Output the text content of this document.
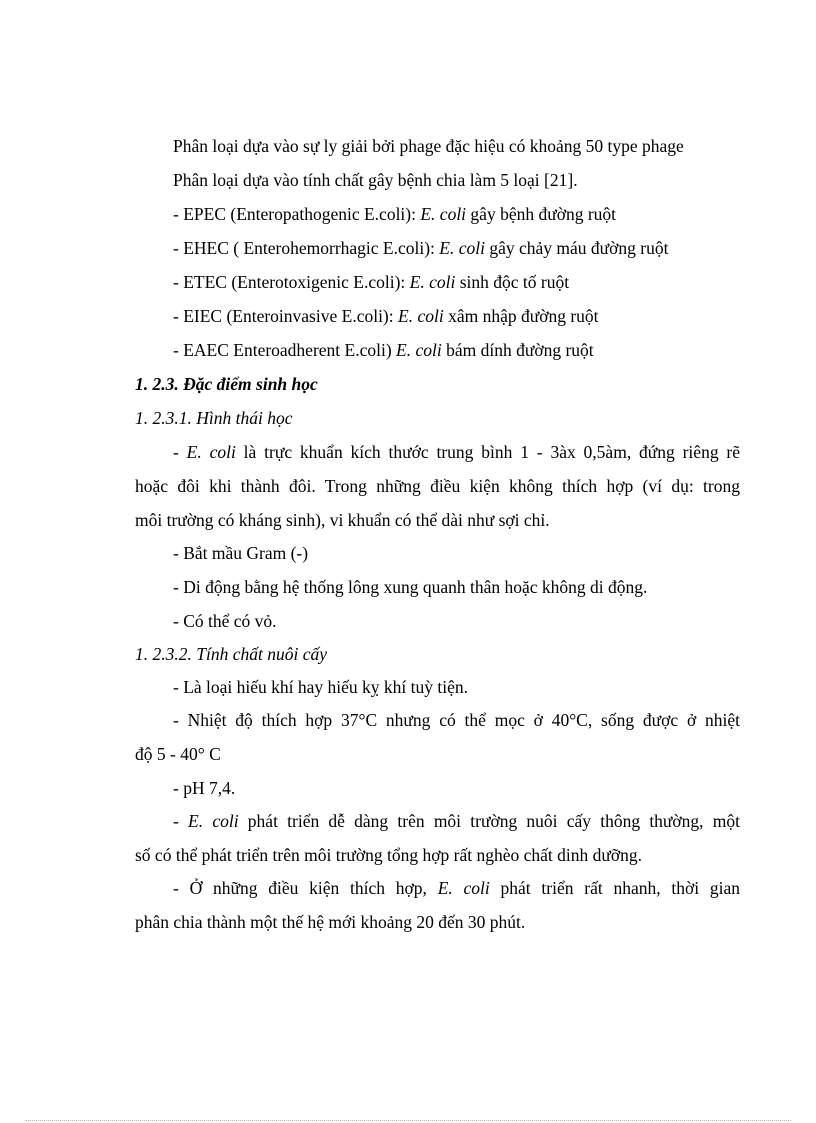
Phân loại dựa vào sự ly giải bởi phage đặc hiệu có khoảng 50 type phage
Phân loại dựa vào tính chất gây bệnh chia làm 5 loại [21].
- EPEC (Enteropathogenic E.coli): E. coli gây bệnh đường ruột
- EHEC ( Enterohemorrhagic E.coli): E. coli gây chảy máu đường ruột
- ETEC (Enterotoxigenic E.coli): E. coli sinh độc tố ruột
- EIEC (Enteroinvasive E.coli): E. coli xâm nhập đường ruột
- EAEC Enteroadherent E.coli) E. coli bám dính đường ruột
1. 2.3. Đặc điểm sinh học
1. 2.3.1. Hình thái học
- E. coli là trực khuẩn kích thước trung bình 1 - 3àx 0,5àm, đứng riêng rẽ
hoặc đôi khi thành đôi. Trong những điều kiện không thích hợp (ví dụ: trong
môi trường có kháng sinh), vi khuẩn có thể dài như sợi chỉ.
- Bắt mầu Gram (-)
- Di động bằng hệ thống lông xung quanh thân hoặc không di động.
- Có thể có vỏ.
1. 2.3.2. Tính chất nuôi cấy
- Là loại hiếu khí hay hiếu kỵ khí tuỳ tiện.
- Nhiệt độ thích hợp 37°C nhưng có thể mọc ở 40°C, sống được ở nhiệt
độ 5 - 40° C
- pH 7,4.
- E. coli phát triển dễ dàng trên môi trường nuôi cấy thông thường, một
số có thể phát triển trên môi trường tổng hợp rất nghèo chất dinh dưỡng.
- Ở những điều kiện thích hợp, E. coli phát triển rất nhanh, thời gian
phân chia thành một thế hệ mới khoảng 20 đến 30 phút.
